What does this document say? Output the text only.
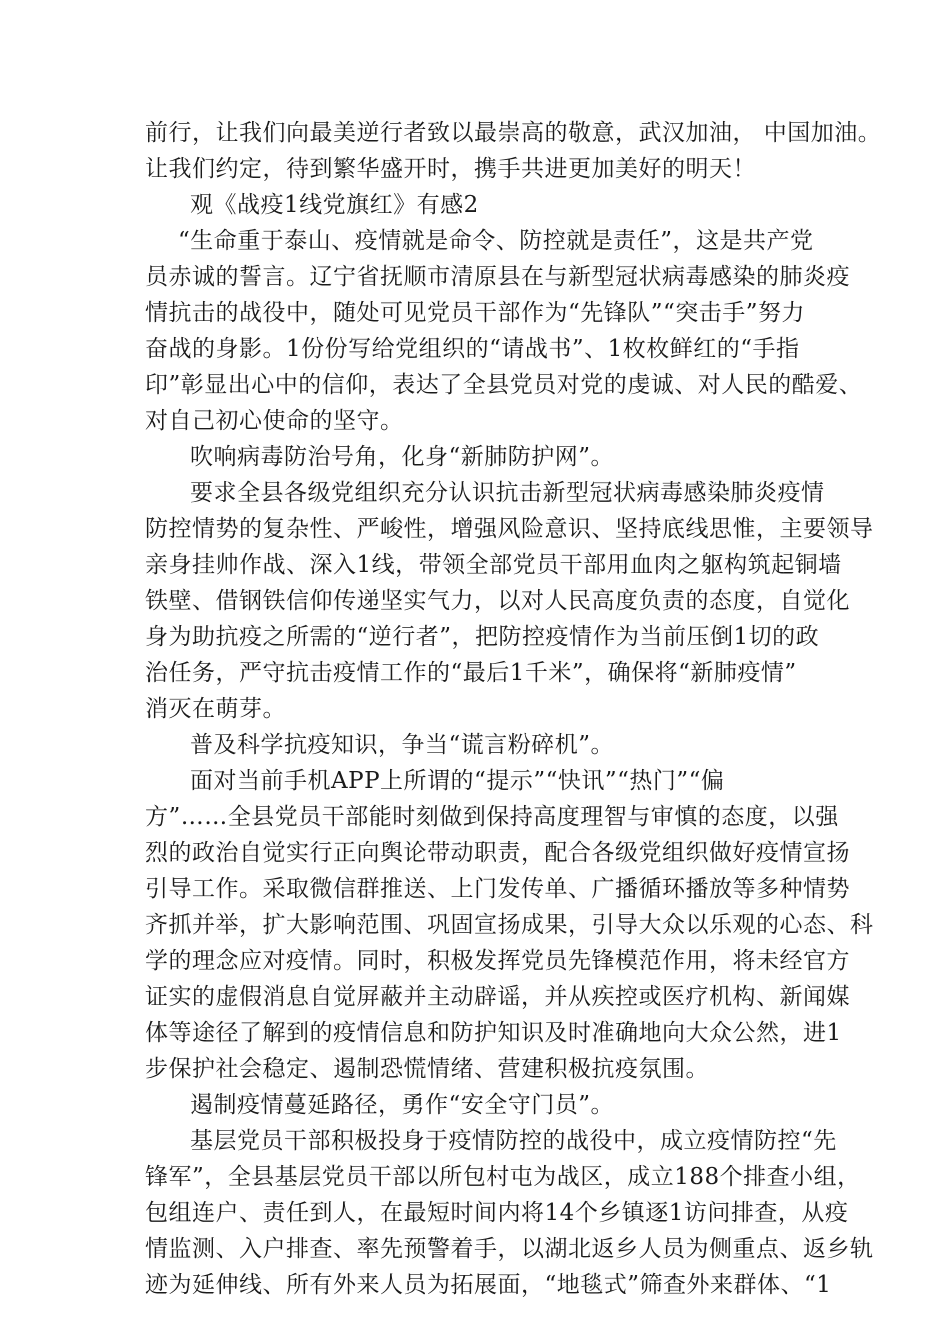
前行，让我们向最美逆行者致以最崇高的敬意，武汉加油， 中国加油。
让我们约定，待到繁华盛开时，携手共进更加美好的明天！
观《战疫1线党旗红》有感2
“生命重于泰山、疫情就是命令、防控就是责任”，这是共产党
员赤诚的誓言。辽宁省抚顺市清原县在与新型冠状病毒感染的肺炎疫
情抗击的战役中，随处可见党员干部作为“先锋队”“突击手”努力
奋战的身影。1份份写给党组织的“请战书”、1枚枚鲜红的“手指
印”彰显出心中的信仰，表达了全县党员对党的虔诚、对人民的酷爱、
对自己初心使命的坚守。
吹响病毒防治号角，化身“新肺防护网”。
要求全县各级党组织充分认识抗击新型冠状病毒感染肺炎疫情
防控情势的复杂性、严峻性，增强风险意识、坚持底线思惟，主要领导
亲身挂帅作战、深入1线，带领全部党员干部用血肉之躯构筑起铜墙
铁壁、借钢铁信仰传递坚实气力，以对人民高度负责的态度，自觉化
身为助抗疫之所需的“逆行者”，把防控疫情作为当前压倒1切的政
治任务，严守抗击疫情工作的“最后1千米”，确保将“新肺疫情”
消灭在萌芽。
普及科学抗疫知识，争当“谎言粉碎机”。
面对当前手机APP上所谓的“提示”“快讯”“热门”“偏
方”……全县党员干部能时刻做到保持高度理智与审慎的态度，以强
烈的政治自觉实行正向舆论带动职责，配合各级党组织做好疫情宣扬
引导工作。采取微信群推送、上门发传单、广播循环播放等多种情势
齐抓并举，扩大影响范围、巩固宣扬成果，引导大众以乐观的心态、科
学的理念应对疫情。同时，积极发挥党员先锋模范作用，将未经官方
证实的虚假消息自觉屏蔽并主动辟谣，并从疾控或医疗机构、新闻媒
体等途径了解到的疫情信息和防护知识及时准确地向大众公然，进1
步保护社会稳定、遏制恐慌情绪、营建积极抗疫氛围。
遏制疫情蔓延路径，勇作“安全守门员”。
基层党员干部积极投身于疫情防控的战役中，成立疫情防控“先
锋军”，全县基层党员干部以所包村屯为战区，成立188个排查小组，
包组连户、责任到人，在最短时间内将14个乡镇逐1访问排查，从疫
情监测、入户排查、率先预警着手，以湖北返乡人员为侧重点、返乡轨
迹为延伸线、所有外来人员为拓展面，“地毯式”筛查外来群体、“1
